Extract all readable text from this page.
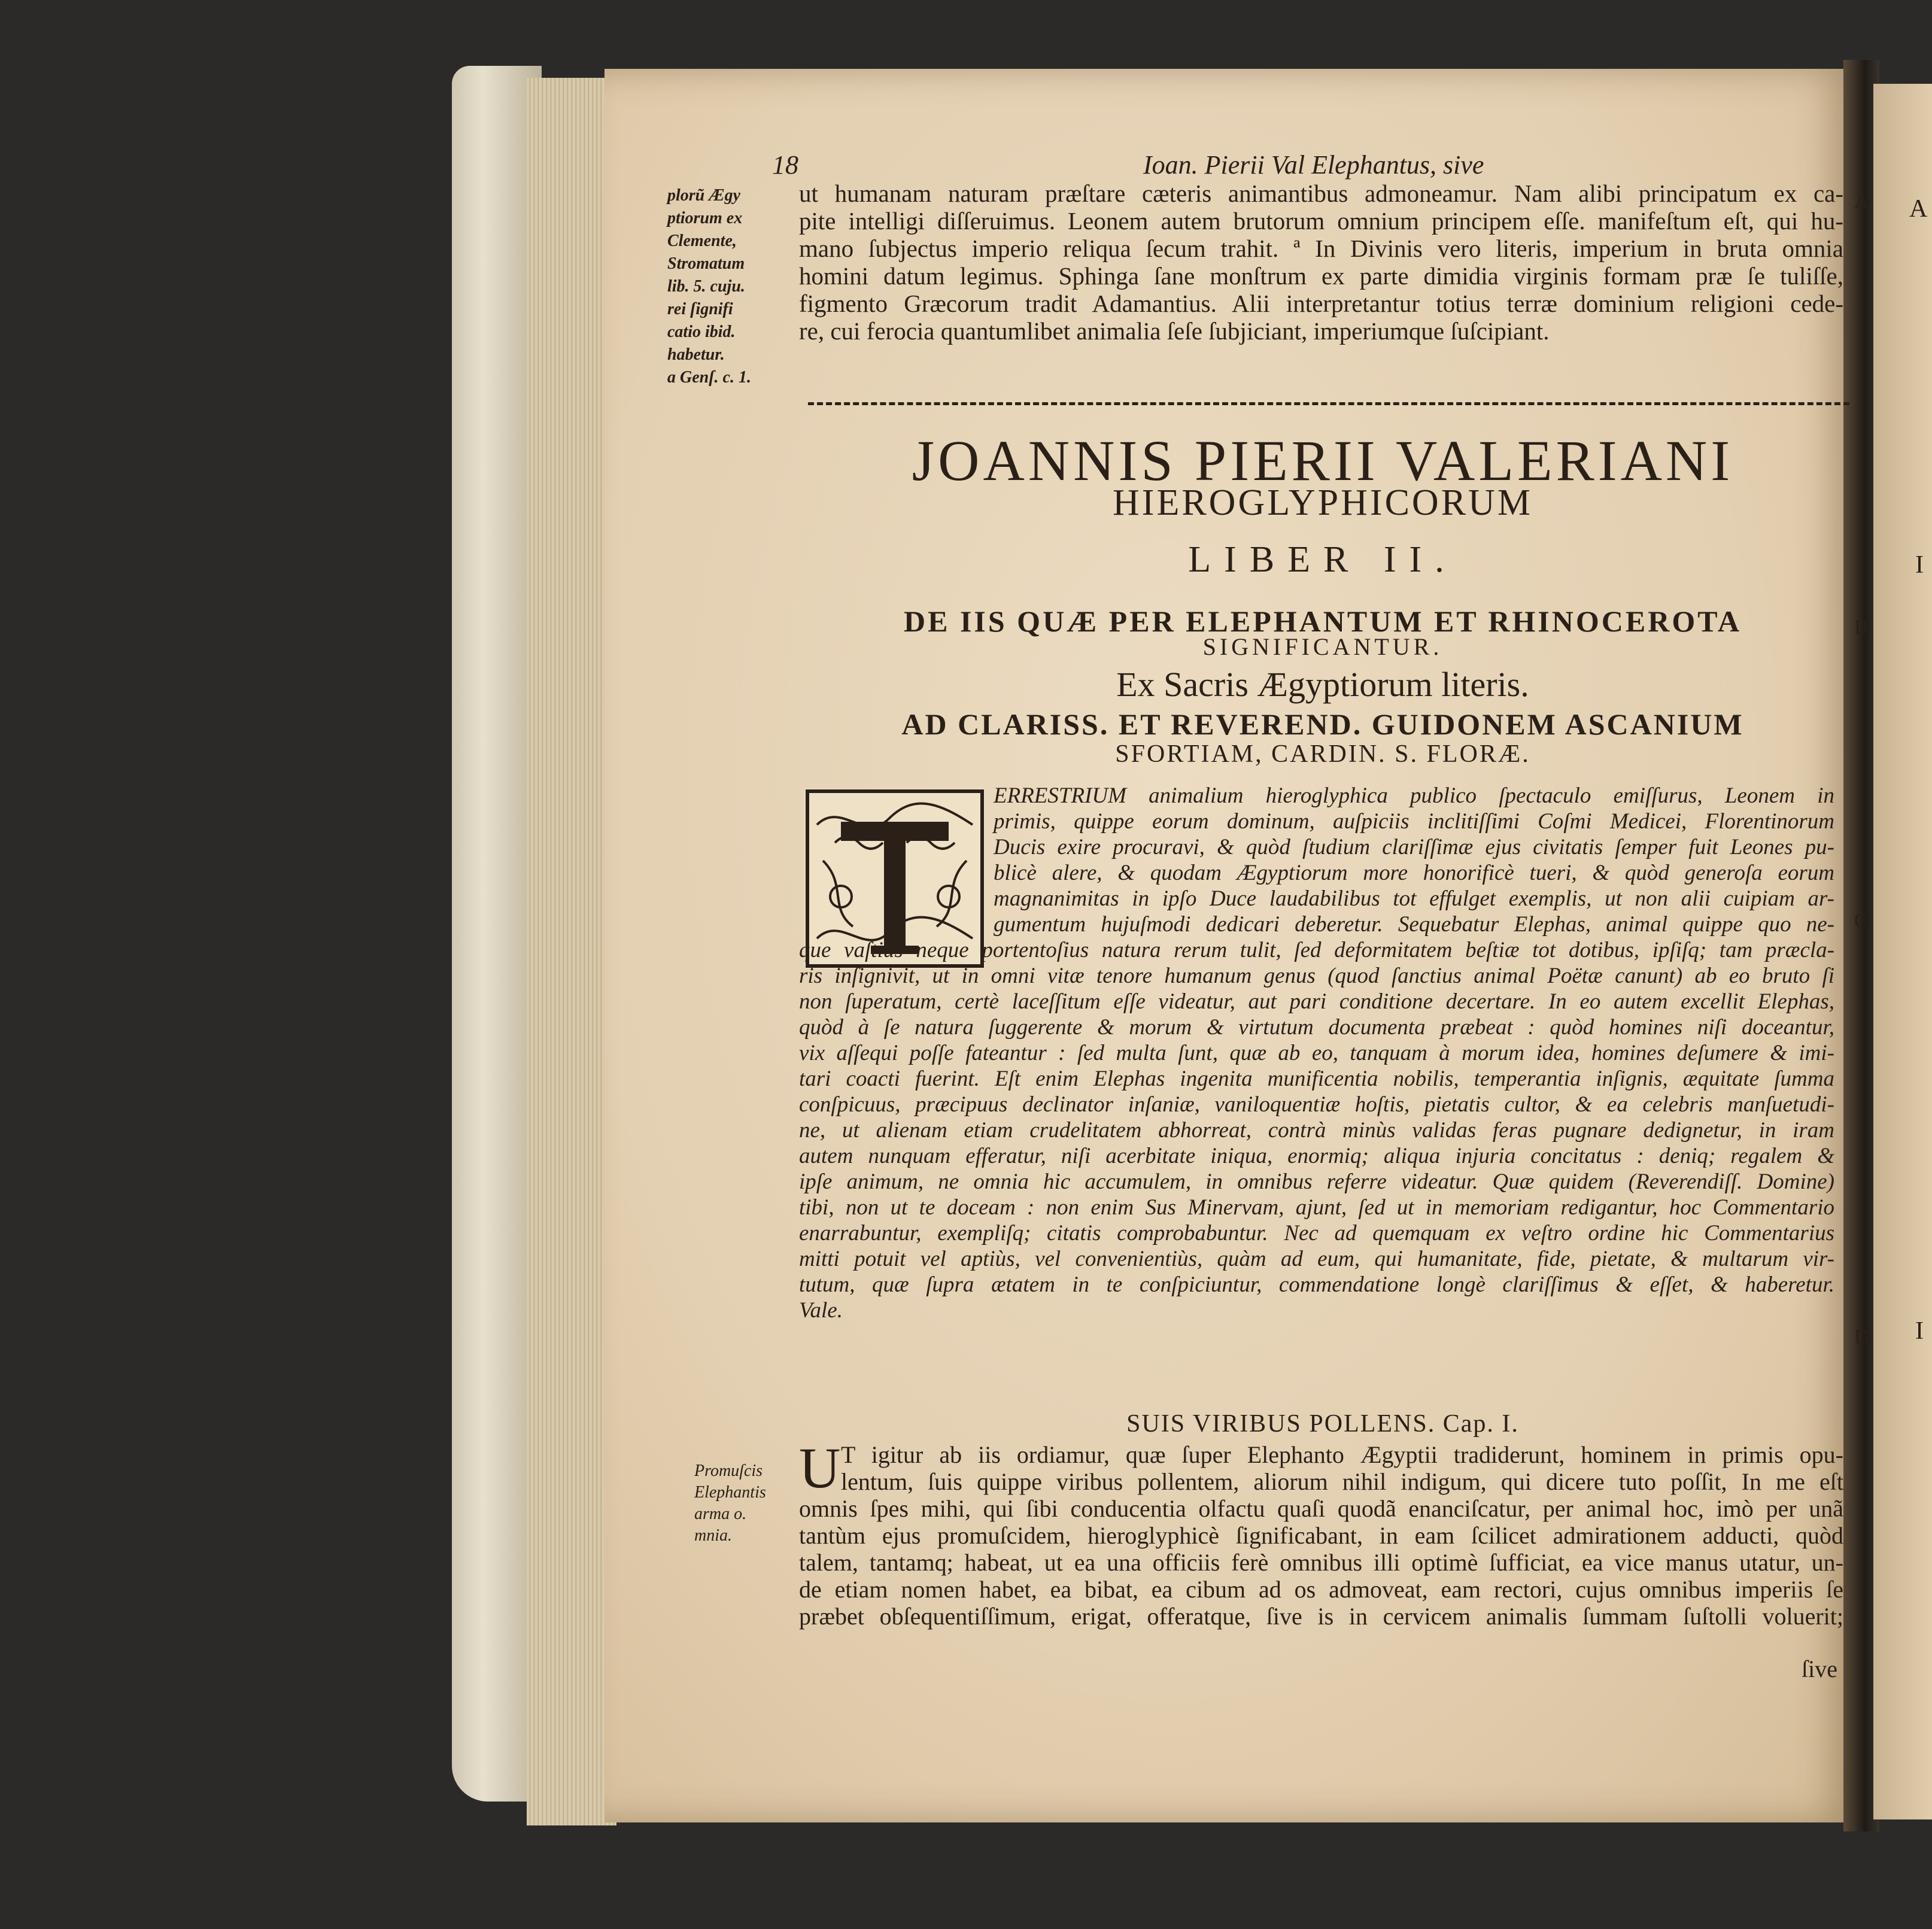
A
I
I
18	Ioan. Pierii Val Elephantus, sive
plorũ Ægy
ptiorum ex
Clemente,
Stromatum
lib. 5. cuju.
rei ſignifi
catio ibid.
habetur.
a Genſ. c. 1.
A
B
C
D
ut humanam naturam præſtare cæteris animantibus admoneamur. Nam alibi principatum ex ca-
pite intelligi diſſeruimus. Leonem autem brutorum omnium principem eſſe. manifeſtum eſt, qui hu-
mano ſubjectus imperio reliqua ſecum trahit. ª In Divinis vero literis, imperium in bruta omnia
homini datum legimus. Sphinga ſane monſtrum ex parte dimidia virginis formam præ ſe tuliſſe,
figmento Græcorum tradit Adamantius. Alii interpretantur totius terræ dominium religioni cede-
re, cui ferocia quantumlibet animalia ſeſe ſubjiciant, imperiumque ſuſcipiant.
JOANNIS PIERII VALERIANI
HIEROGLYPHICORUM
LIBER II.
DE IIS QUÆ PER ELEPHANTUM ET RHINOCEROTA
SIGNIFICANTUR.
Ex Sacris Ægyptiorum literis.
AD CLARISS. ET REVEREND. GUIDONEM ASCANIUM
SFORTIAM, CARDIN. S. FLORÆ.
ERRESTRIUM animalium hieroglyphica publico ſpectaculo emiſſurus, Leonem in
primis, quippe eorum dominum, auſpiciis inclitiſſimi Coſmi Medicei, Florentinorum
Ducis exire procuravi, & quòd ſtudium clariſſimæ ejus civitatis ſemper fuit Leones pu-
blicè alere, & quodam Ægyptiorum more honorificè tueri, & quòd generoſa eorum
magnanimitas in ipſo Duce laudabilibus tot effulget exemplis, ut non alii cuipiam ar-
gumentum hujuſmodi dedicari deberetur. Sequebatur Elephas, animal quippe quo ne-
que vaſtius neque portentoſius natura rerum tulit, ſed deformitatem beſtiæ tot dotibus, ipſiſq; tam præcla-
ris inſignivit, ut in omni vitæ tenore humanum genus (quod ſanctius animal Poëtæ canunt) ab eo bruto ſi
non ſuperatum, certè laceſſitum eſſe videatur, aut pari conditione decertare. In eo autem excellit Elephas,
quòd à ſe natura ſuggerente & morum & virtutum documenta præbeat : quòd homines niſi doceantur,
vix aſſequi poſſe fateantur : ſed multa ſunt, quæ ab eo, tanquam à morum idea, homines deſumere & imi-
tari coacti fuerint. Eſt enim Elephas ingenita munificentia nobilis, temperantia inſignis, æquitate ſumma
conſpicuus, præcipuus declinator inſaniæ, vaniloquentiæ hoſtis, pietatis cultor, & ea celebris manſuetudi-
ne, ut alienam etiam crudelitatem abhorreat, contrà minùs validas feras pugnare dedignetur, in iram
autem nunquam efferatur, niſi acerbitate iniqua, enormiq; aliqua injuria concitatus : deniq; regalem &
ipſe animum, ne omnia hic accumulem, in omnibus referre videatur. Quæ quidem (Reverendiſſ. Domine)
tibi, non ut te doceam : non enim Sus Minervam, ajunt, ſed ut in memoriam redigantur, hoc Commentario
enarrabuntur, exempliſq; citatis comprobabuntur. Nec ad quemquam ex veſtro ordine hic Commentarius
mitti potuit vel aptiùs, vel convenientiùs, quàm ad eum, qui humanitate, fide, pietate, & multarum vir-
tutum, quæ ſupra ætatem in te conſpiciuntur, commendatione longè clariſſimus & eſſet, & haberetur.
Vale.
SUIS VIRIBUS POLLENS. Cap. I.
Promuſcis
Elephantis
arma o.
mnia.
U T igitur ab iis ordiamur, quæ ſuper Elephanto Ægyptii tradiderunt, hominem in primis opu-
lentum, ſuis quippe viribus pollentem, aliorum nihil indigum, qui dicere tuto poſſit, In me eſt
omnis ſpes mihi, qui ſibi conducentia olfactu quaſi quodã enanciſcatur, per animal hoc, imò per unã
tantùm ejus promuſcidem, hieroglyphicè ſignificabant, in eam ſcilicet admirationem adducti, quòd
talem, tantamq; habeat, ut ea una officiis ferè omnibus illi optimè ſufficiat, ea vice manus utatur, un-
de etiam nomen habet, ea bibat, ea cibum ad os admoveat, eam rectori, cujus omnibus imperiis ſe
præbet obſequentiſſimum, erigat, offeratque, ſive is in cervicem animalis ſummam ſuſtolli voluerit;
ſive
